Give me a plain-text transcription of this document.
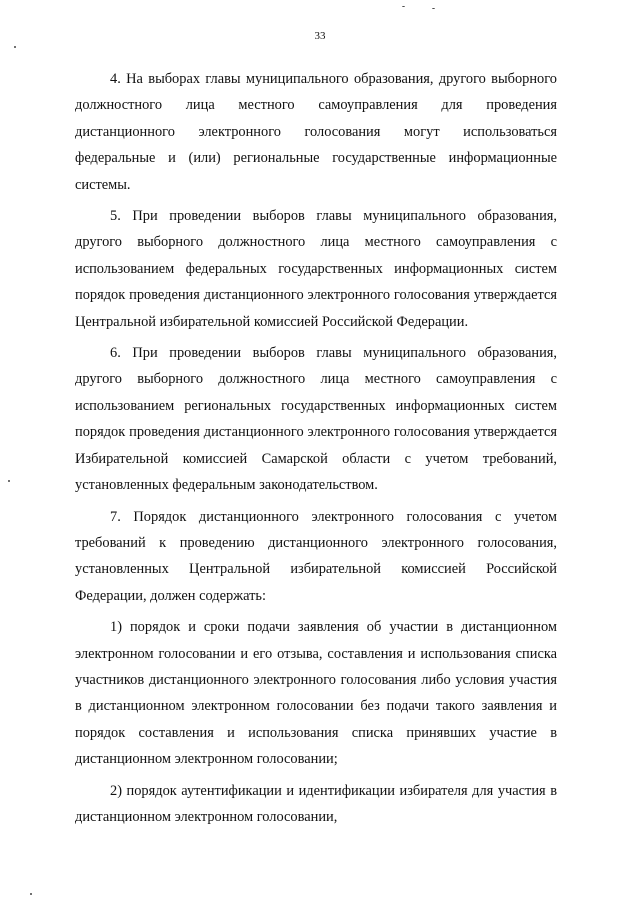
33

4. На выборах главы муниципального образования, другого выборного должностного лица местного самоуправления для проведения дистанционного электронного голосования могут использоваться федеральные и (или) региональные государственные информационные системы.

5. При проведении выборов главы муниципального образования, другого выборного должностного лица местного самоуправления с использованием федеральных государственных информационных систем порядок проведения дистанционного электронного голосования утверждается Центральной избирательной комиссией Российской Федерации.

6. При проведении выборов главы муниципального образования, другого выборного должностного лица местного самоуправления с использованием региональных государственных информационных систем порядок проведения дистанционного электронного голосования утверждается Избирательной комиссией Самарской области с учетом требований, установленных федеральным законодательством.

7. Порядок дистанционного электронного голосования с учетом требований к проведению дистанционного электронного голосования, установленных Центральной избирательной комиссией Российской Федерации, должен содержать:

1) порядок и сроки подачи заявления об участии в дистанционном электронном голосовании и его отзыва, составления и использования списка участников дистанционного электронного голосования либо условия участия в дистанционном электронном голосовании без подачи такого заявления и порядок составления и использования списка принявших участие в дистанционном электронном голосовании;

2) порядок аутентификации и идентификации избирателя для участия в дистанционном электронном голосовании,
